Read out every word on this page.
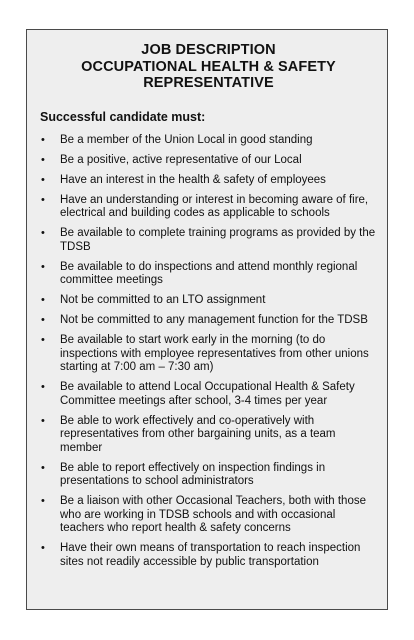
JOB DESCRIPTION
OCCUPATIONAL HEALTH & SAFETY
REPRESENTATIVE
Successful candidate must:
• Be a member of the Union Local in good standing
• Be a positive, active representative of our Local
• Have an interest in the health & safety of employees
• Have an understanding or interest in becoming aware of fire, electrical and building codes as applicable to schools
• Be available to complete training programs as provided by the TDSB
• Be available to do inspections and attend monthly regional committee meetings
• Not be committed to an LTO assignment
• Not be committed to any management function for the TDSB
• Be available to start work early in the morning (to do inspections with employee representatives from other unions starting at 7:00 am – 7:30 am)
• Be available to attend Local Occupational Health & Safety Committee meetings after school, 3-4 times per year
• Be able to work effectively and co-operatively with representatives from other bargaining units, as a team member
• Be able to report effectively on inspection findings in presentations to school administrators
• Be a liaison with other Occasional Teachers, both with those who are working in TDSB schools and with occasional teachers who report health & safety concerns
• Have their own means of transportation to reach inspection sites not readily accessible by public transportation
